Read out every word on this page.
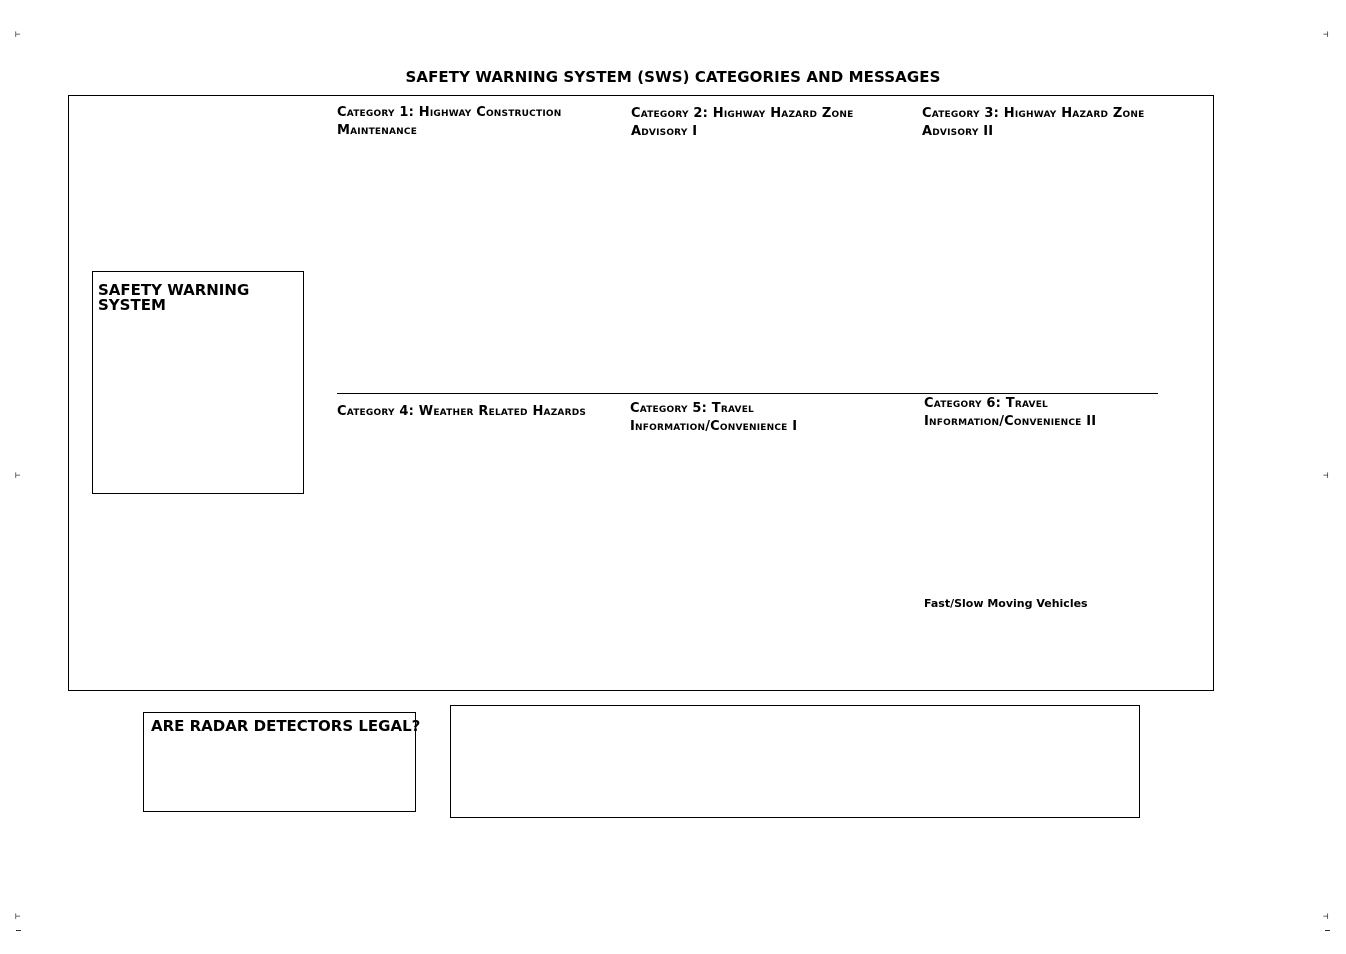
⊢	⊣
⊢	⊣
⊢	⊣
SAFETY WARNING SYSTEM (SWS) CATEGORIES AND MESSAGES
SAFETY WARNING SYSTEM
Category 1: Highway Construction Maintenance
Category 2: Highway Hazard Zone Advisory I
Category 3: Highway Hazard Zone Advisory II
Category 4: Weather Related Hazards	Category 5: Travel Information/Convenience I
Category 6: Travel Information/Convenience II
Fast/Slow Moving Vehicles
ARE RADAR DETECTORS LEGAL?
